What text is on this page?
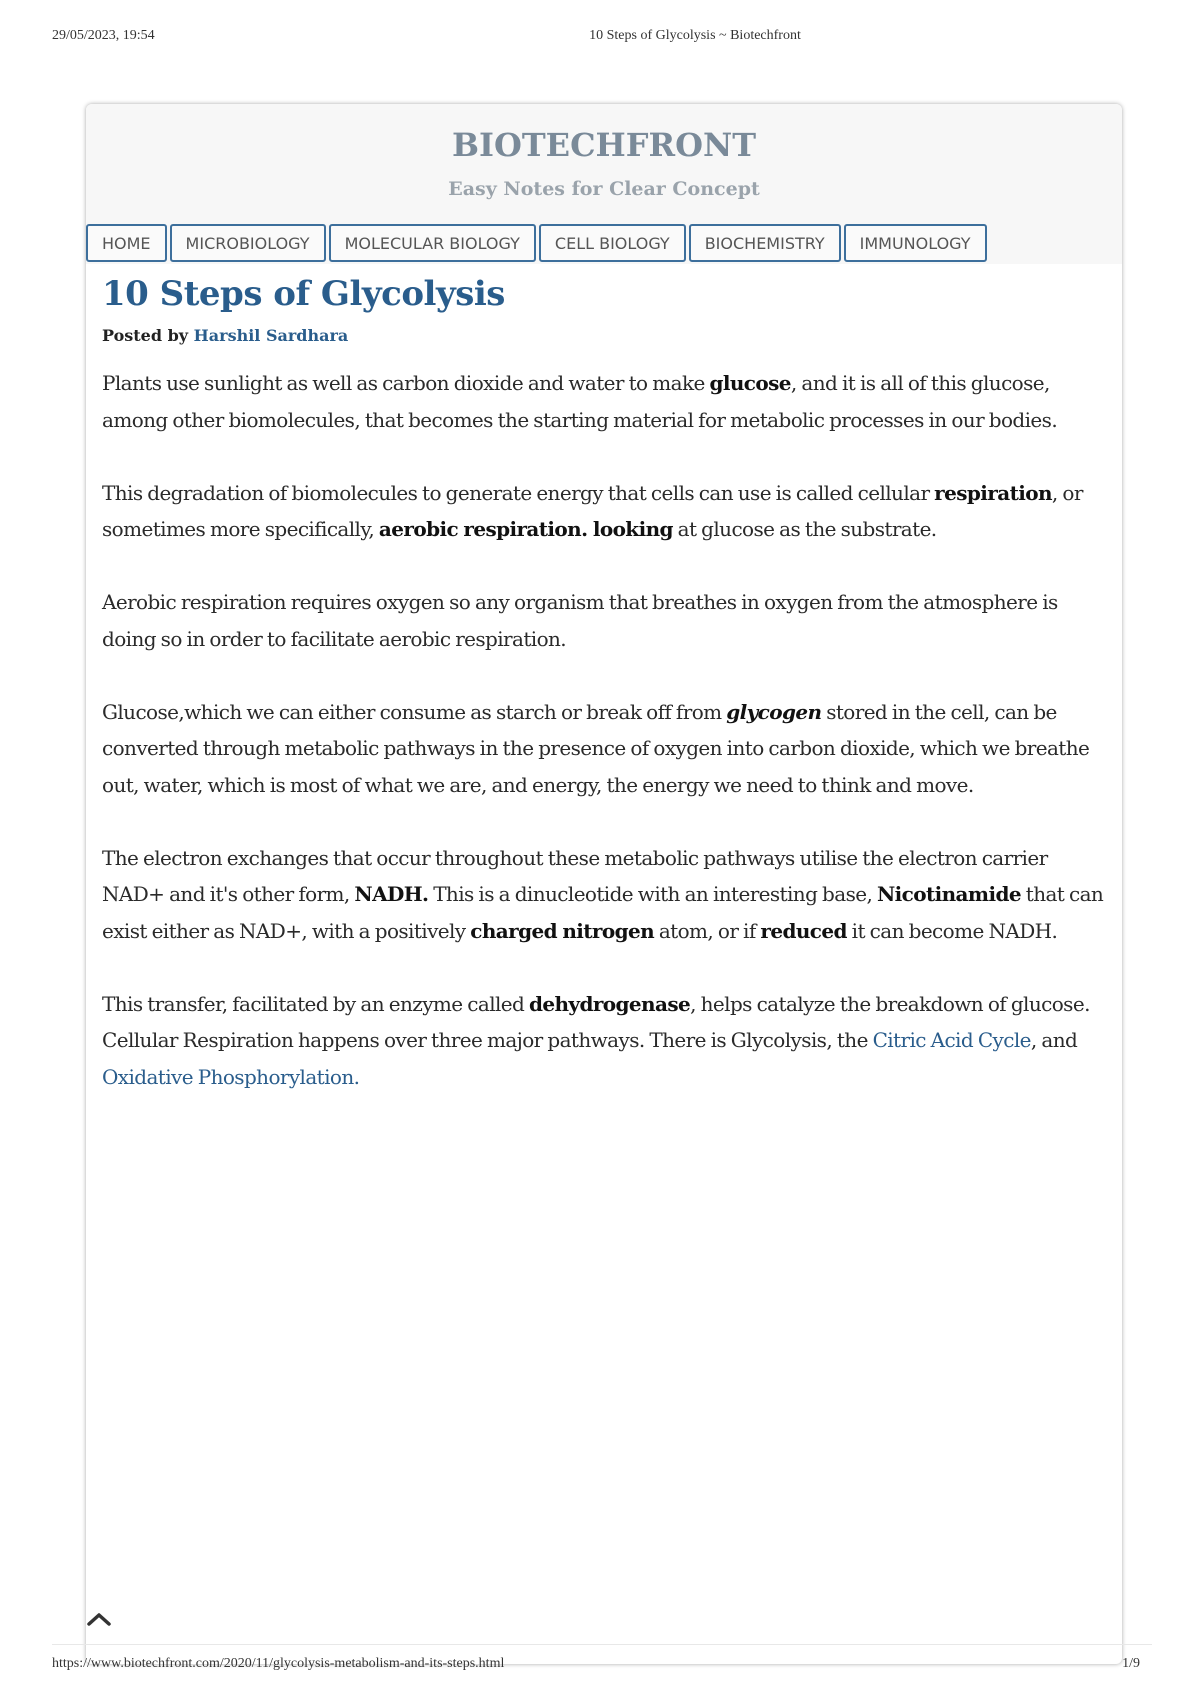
29/05/2023, 19:54	10 Steps of Glycolysis ~ Biotechfront
BIOTECHFRONT
Easy Notes for Clear Concept
HOME	MICROBIOLOGY	MOLECULAR BIOLOGY	CELL BIOLOGY	BIOCHEMISTRY	IMMUNOLOGY
10 Steps of Glycolysis
Posted by Harshil Sardhara

Plants use sunlight as well as carbon dioxide and water to make glucose, and it is all of this glucose, among other biomolecules, that becomes the starting material for metabolic processes in our bodies.

This degradation of biomolecules to generate energy that cells can use is called cellular respiration, or sometimes more specifically, aerobic respiration. looking at glucose as the substrate.

Aerobic respiration requires oxygen so any organism that breathes in oxygen from the atmosphere is doing so in order to facilitate aerobic respiration.

Glucose,which we can either consume as starch or break off from glycogen stored in the cell, can be converted through metabolic pathways in the presence of oxygen into carbon dioxide, which we breathe out, water, which is most of what we are, and energy, the energy we need to think and move.

The electron exchanges that occur throughout these metabolic pathways utilise the electron carrier NAD+ and it's other form, NADH. This is a dinucleotide with an interesting base, Nicotinamide that can exist either as NAD+, with a positively charged nitrogen atom, or if reduced it can become NADH.

This transfer, facilitated by an enzyme called dehydrogenase, helps catalyze the breakdown of glucose. Cellular Respiration happens over three major pathways. There is Glycolysis, the Citric Acid Cycle, and Oxidative Phosphorylation.

https://www.biotechfront.com/2020/11/glycolysis-metabolism-and-its-steps.html	1/9
